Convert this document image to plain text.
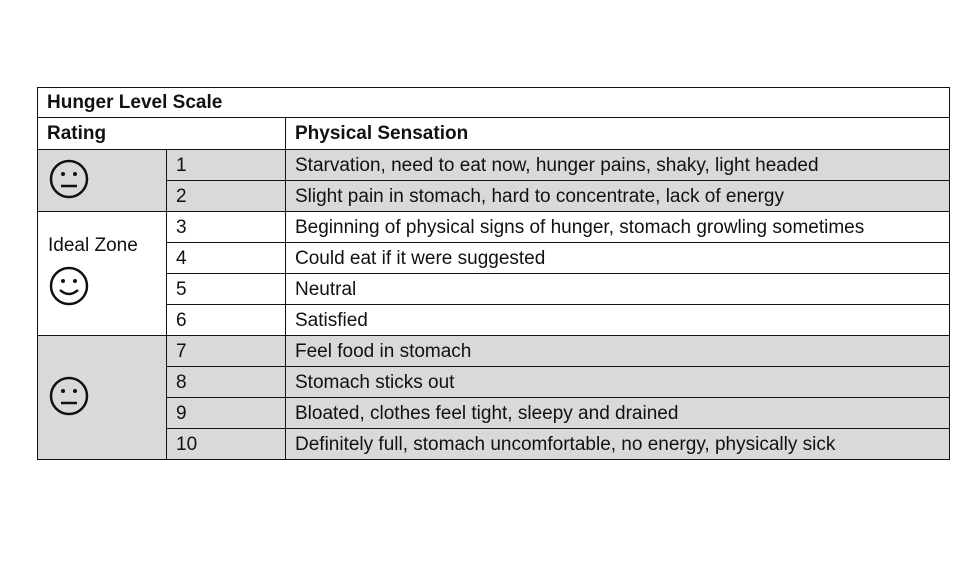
Hunger Level Scale		
Rating		Physical Sensation

	1	Starvation, need to eat now, hunger pains, shaky, light headed
	2	Slight pain in stomach, hard to concentrate, lack of energy

Ideal Zone	3	Beginning of physical signs of hunger, stomach growling sometimes
	4	Could eat if it were suggested
	5	Neutral
	6	Satisfied

	7	Feel food in stomach
	8	Stomach sticks out
	9	Bloated, clothes feel tight, sleepy and drained
	10	Definitely full, stomach uncomfortable, no energy, physically sick
